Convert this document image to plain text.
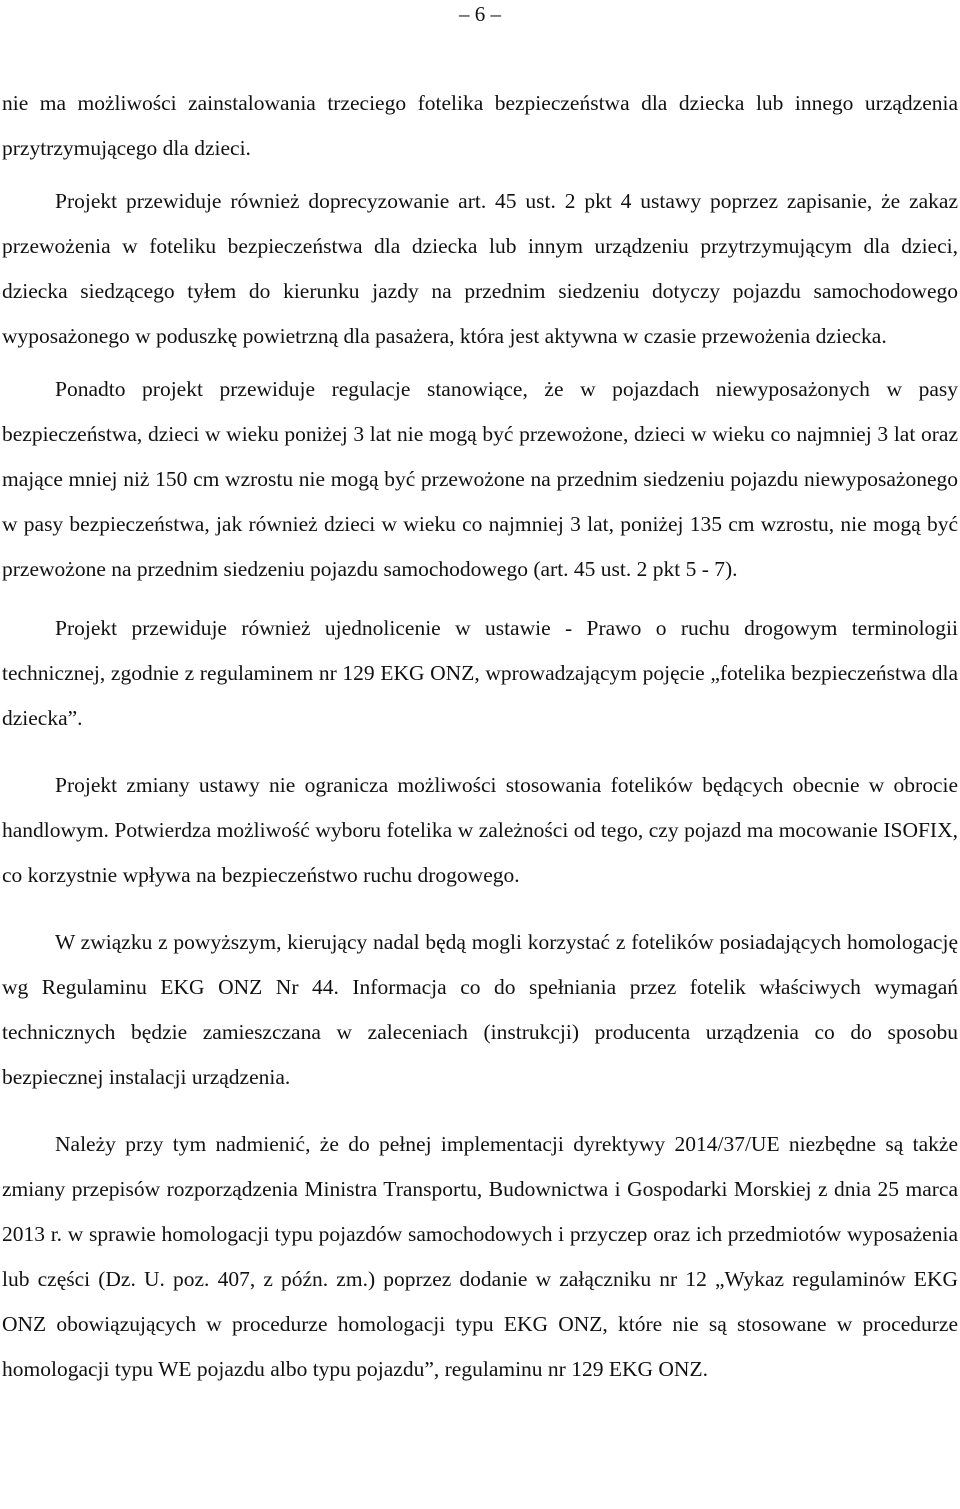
– 6 –

nie ma możliwości zainstalowania trzeciego fotelika bezpieczeństwa dla dziecka lub innego urządzenia przytrzymującego dla dzieci.

Projekt przewiduje również doprecyzowanie art. 45 ust. 2 pkt 4 ustawy poprzez zapisanie, że zakaz przewożenia w foteliku bezpieczeństwa dla dziecka lub innym urządzeniu przytrzymującym dla dzieci, dziecka siedzącego tyłem do kierunku jazdy na przednim siedzeniu dotyczy pojazdu samochodowego wyposażonego w poduszkę powietrzną dla pasażera, która jest aktywna w czasie przewożenia dziecka.

Ponadto projekt przewiduje regulacje stanowiące, że w pojazdach niewyposażonych w pasy bezpieczeństwa, dzieci w wieku poniżej 3 lat nie mogą być przewożone, dzieci w wieku co najmniej 3 lat oraz mające mniej niż 150 cm wzrostu nie mogą być przewożone na przednim siedzeniu pojazdu niewyposażonego w pasy bezpieczeństwa, jak również dzieci w wieku co najmniej 3 lat, poniżej 135 cm wzrostu, nie mogą być przewożone na przednim siedzeniu pojazdu samochodowego (art. 45 ust. 2 pkt 5 - 7).

Projekt przewiduje również ujednolicenie w ustawie - Prawo o ruchu drogowym terminologii technicznej, zgodnie z regulaminem nr 129 EKG ONZ, wprowadzającym pojęcie „fotelika bezpieczeństwa dla dziecka”.

Projekt zmiany ustawy nie ogranicza możliwości stosowania fotelików będących obecnie w obrocie handlowym. Potwierdza możliwość wyboru fotelika w zależności od tego, czy pojazd ma mocowanie ISOFIX, co korzystnie wpływa na bezpieczeństwo ruchu drogowego.

W związku z powyższym, kierujący nadal będą mogli korzystać z fotelików posiadających homologację wg Regulaminu EKG ONZ Nr 44. Informacja co do spełniania przez fotelik właściwych wymagań technicznych będzie zamieszczana w zaleceniach (instrukcji) producenta urządzenia co do sposobu bezpiecznej instalacji urządzenia.

Należy przy tym nadmienić, że do pełnej implementacji dyrektywy 2014/37/UE niezbędne są także zmiany przepisów rozporządzenia Ministra Transportu, Budownictwa i Gospodarki Morskiej z dnia 25 marca 2013 r. w sprawie homologacji typu pojazdów samochodowych i przyczep oraz ich przedmiotów wyposażenia lub części (Dz. U. poz. 407, z późn. zm.) poprzez dodanie w załączniku nr 12 „Wykaz regulaminów EKG ONZ obowiązujących w procedurze homologacji typu EKG ONZ, które nie są stosowane w procedurze homologacji typu WE pojazdu albo typu pojazdu”, regulaminu nr 129 EKG ONZ.
